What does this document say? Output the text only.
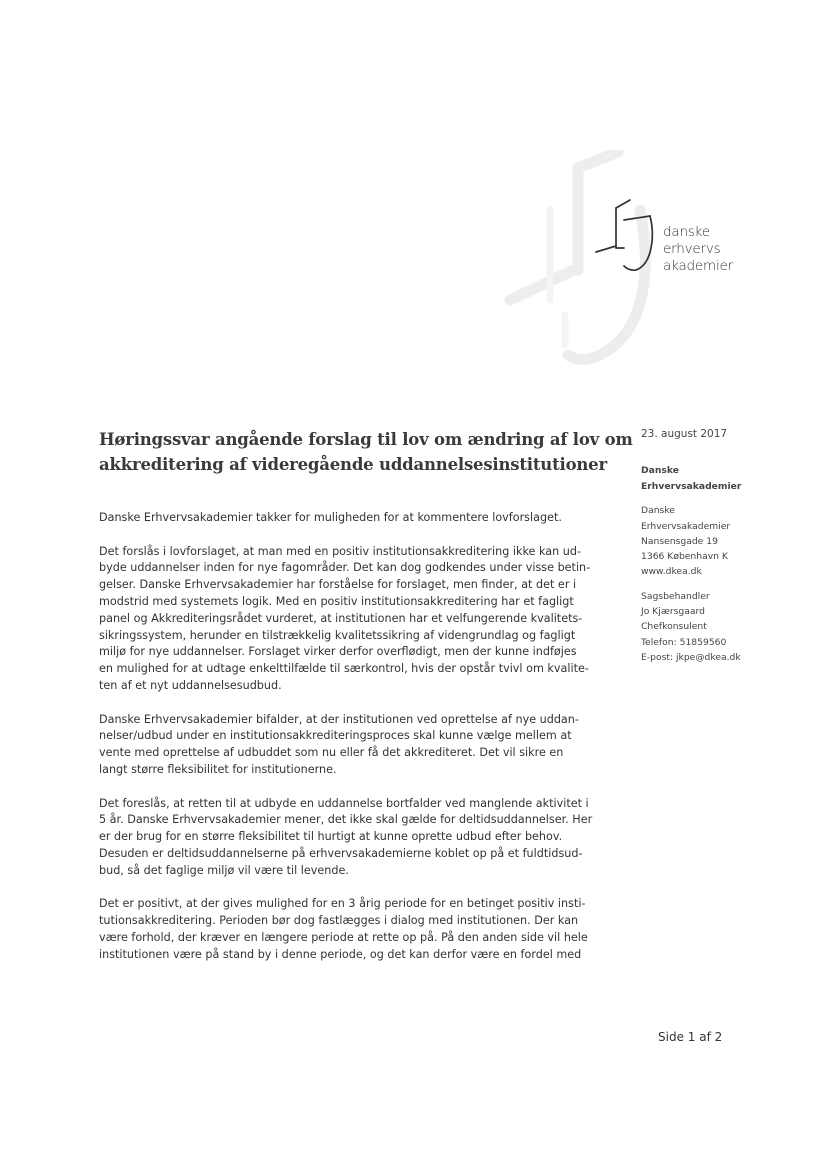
danske
erhvervs
akademier
Høringssvar angående forslag til lov om ændring af lov om
akkreditering af videregående uddannelsesinstitutioner

Danske Erhvervsakademier takker for muligheden for at kommentere lovforslaget.

Det forslås i lovforslaget, at man med en positiv institutionsakkreditering ikke kan ud-
byde uddannelser inden for nye fagområder. Det kan dog godkendes under visse betin-
gelser. Danske Erhvervsakademier har forståelse for forslaget, men finder, at det er i
modstrid med systemets logik. Med en positiv institutionsakkreditering har et fagligt
panel og Akkrediteringsrådet vurderet, at institutionen har et velfungerende kvalitets-
sikringssystem, herunder en tilstrækkelig kvalitetssikring af videngrundlag og fagligt
miljø for nye uddannelser. Forslaget virker derfor overflødigt, men der kunne indføjes
en mulighed for at udtage enkelttilfælde til særkontrol, hvis der opstår tvivl om kvalite-
ten af et nyt uddannelsesudbud.

Danske Erhvervsakademier bifalder, at der institutionen ved oprettelse af nye uddan-
nelser/udbud under en institutionsakkrediteringsproces skal kunne vælge mellem at
vente med oprettelse af udbuddet som nu eller få det akkrediteret. Det vil sikre en
langt større fleksibilitet for institutionerne.

Det foreslås, at retten til at udbyde en uddannelse bortfalder ved manglende aktivitet i
5 år. Danske Erhvervsakademier mener, det ikke skal gælde for deltidsuddannelser. Her
er der brug for en større fleksibilitet til hurtigt at kunne oprette udbud efter behov.
Desuden er deltidsuddannelserne på erhvervsakademierne koblet op på et fuldtidsud-
bud, så det faglige miljø vil være til levende.

Det er positivt, at der gives mulighed for en 3 årig periode for en betinget positiv insti-
tutionsakkreditering. Perioden bør dog fastlægges i dialog med institutionen. Der kan
være forhold, der kræver en længere periode at rette op på. På den anden side vil hele
institutionen være på stand by i denne periode, og det kan derfor være en fordel med

23. august 2017
Danske
Erhvervsakademier
Danske
Erhvervsakademier
Nansensgade 19
1366 København K
www.dkea.dk
Sagsbehandler
Jo Kjærsgaard
Chefkonsulent
Telefon: 51859560
E-post: jkpe@dkea.dk
Side 1 af 2
